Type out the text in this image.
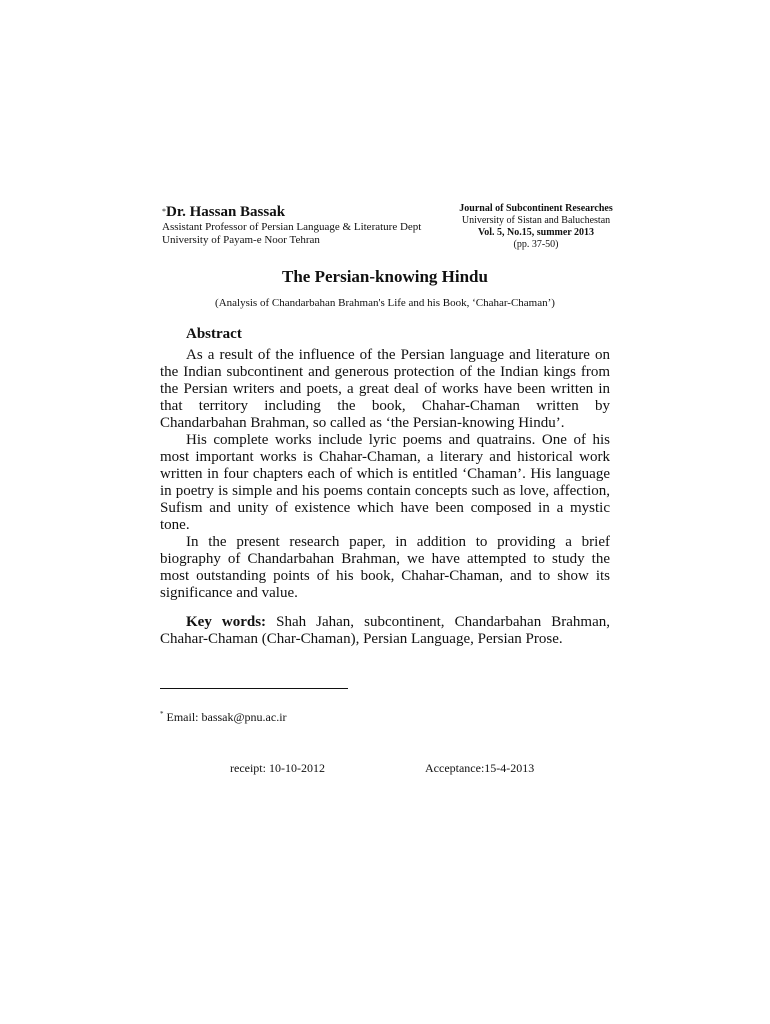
*Dr. Hassan Bassak
Assistant Professor of Persian Language & Literature Dept
University of Payam-e Noor Tehran
Journal of Subcontinent Researches
University of Sistan and Baluchestan
Vol. 5, No.15, summer 2013
(pp. 37-50)
The Persian-knowing Hindu
(Analysis of Chandarbahan Brahman's Life and his Book, ‘Chahar-Chaman’)
Abstract

As a result of the influence of the Persian language and literature on the Indian subcontinent and generous protection of the Indian kings from the Persian writers and poets, a great deal of works have been written in that territory including the book, Chahar-Chaman written by Chandarbahan Brahman, so called as ‘the Persian-knowing Hindu’.

His complete works include lyric poems and quatrains. One of his most important works is Chahar-Chaman, a literary and historical work written in four chapters each of which is entitled ‘Chaman’. His language in poetry is simple and his poems contain concepts such as love, affection, Sufism and unity of existence which have been composed in a mystic tone.

In the present research paper, in addition to providing a brief biography of Chandarbahan Brahman, we have attempted to study the most outstanding points of his book, Chahar-Chaman, and to show its significance and value.

Key words: Shah Jahan, subcontinent, Chandarbahan Brahman, Chahar-Chaman (Char-Chaman), Persian Language, Persian Prose.
* Email: bassak@pnu.ac.ir
receipt: 10-10-2012	Acceptance:15-4-2013
